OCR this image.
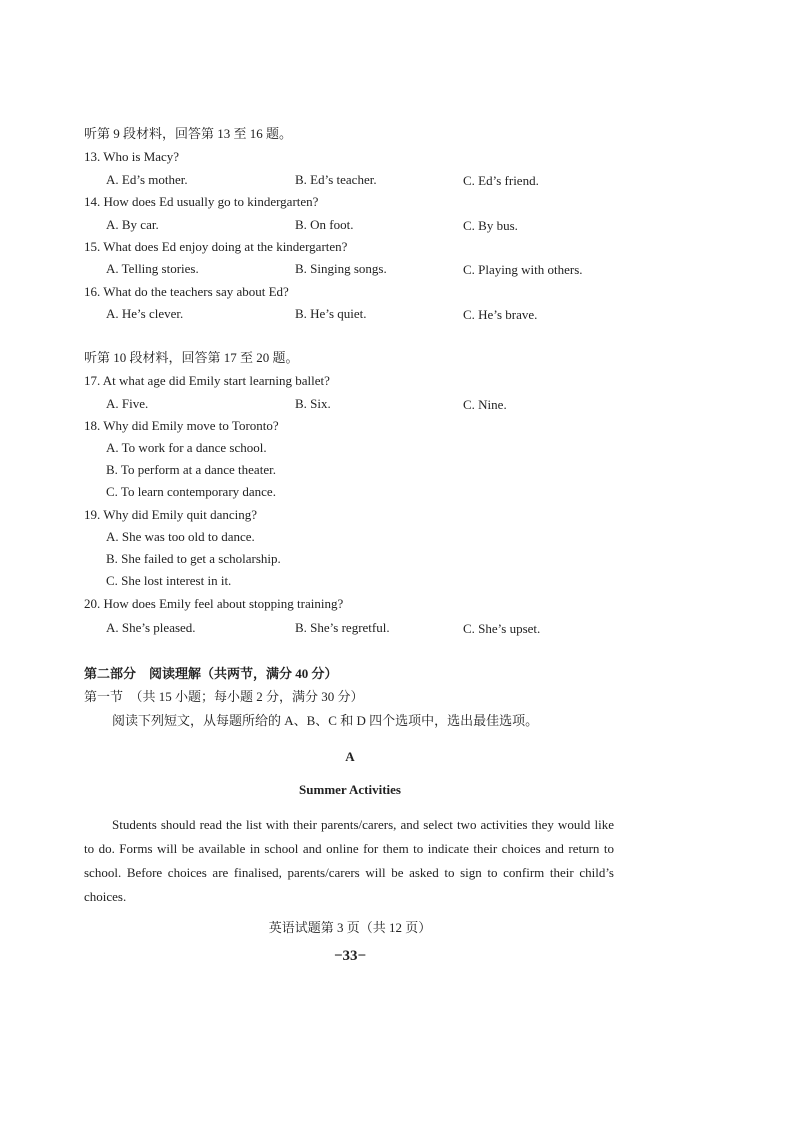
听第 9 段材料，回答第 13 至 16 题。
13. Who is Macy?
A. Ed’s mother.	B. Ed’s teacher.	C. Ed’s friend.
14. How does Ed usually go to kindergarten?
A. By car.	B. On foot.	C. By bus.
15. What does Ed enjoy doing at the kindergarten?
A. Telling stories.	B. Singing songs.	C. Playing with others.
16. What do the teachers say about Ed?
A. He’s clever.	B. He’s quiet.	C. He’s brave.
听第 10 段材料，回答第 17 至 20 题。
17. At what age did Emily start learning ballet?
A. Five.	B. Six.	C. Nine.
18. Why did Emily move to Toronto?
A. To work for a dance school.
B. To perform at a dance theater.
C. To learn contemporary dance.
19. Why did Emily quit dancing?
A. She was too old to dance.
B. She failed to get a scholarship.
C. She lost interest in it.
20. How does Emily feel about stopping training?
A. She’s pleased.	B. She’s regretful.	C. She’s upset.
第二部分　阅读理解（共两节，满分 40 分）
第一节　（共 15 小题；每小题 2 分，满分 30 分）
阅读下列短文，从每题所给的 A、B、C 和 D 四个选项中，选出最佳选项。
A
Summer Activities
Students should read the list with their parents/carers, and select two activities they would like to do. Forms will be available in school and online for them to indicate their choices and return to school. Before choices are finalised, parents/carers will be asked to sign to confirm their child’s choices.
英语试题第 3 页（共 12 页）
−33−
